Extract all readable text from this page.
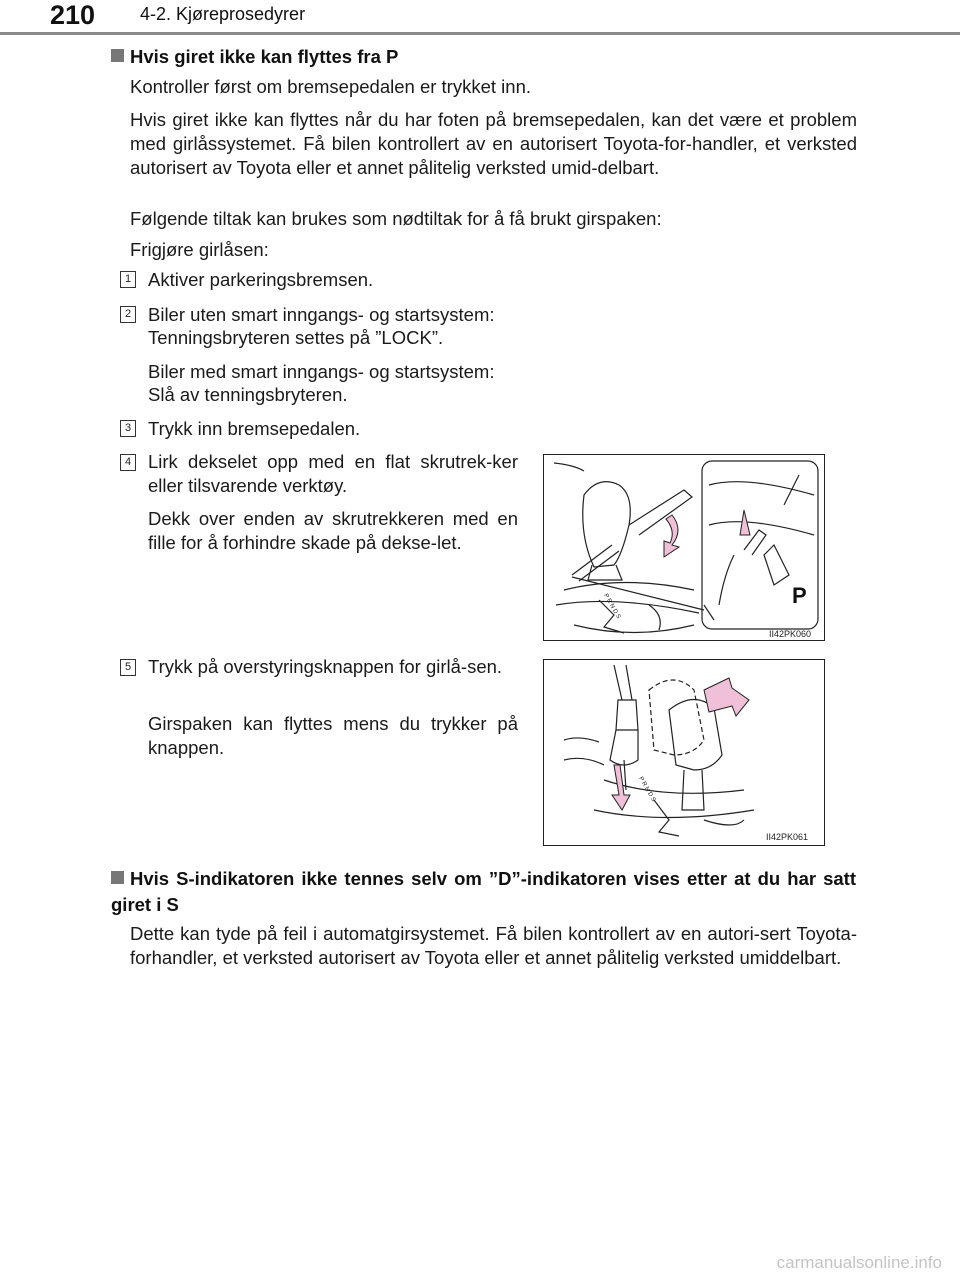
210 4-2. Kjøreprosedyrer
Hvis giret ikke kan flyttes fra P
Kontroller først om bremsepedalen er trykket inn.
Hvis giret ikke kan flyttes når du har foten på bremsepedalen, kan det være et problem med girlåssystemet. Få bilen kontrollert av en autorisert Toyota-for-handler, et verksted autorisert av Toyota eller et annet pålitelig verksted umid-delbart.
Følgende tiltak kan brukes som nødtiltak for å få brukt girspaken:
Frigjøre girlåsen:
1 Aktiver parkeringsbremsen.
2 Biler uten smart inngangs- og startsystem:
Tenningsbryteren settes på ”LOCK”.
Biler med smart inngangs- og startsystem:
Slå av tenningsbryteren.
3 Trykk inn bremsepedalen.
4 Lirk dekselet opp med en flat skrutrek-ker eller tilsvarende verktøy.
Dekk over enden av skrutrekkeren med en fille for å forhindre skade på dekse-let.
P
P R N D S
II42PK060
5 Trykk på overstyringsknappen for girlå-sen.
Girspaken kan flyttes mens du trykker på knappen.
P R N D S
II42PK061
Hvis S-indikatoren ikke tennes selv om ”D”-indikatoren vises etter at du har satt giret i S
Dette kan tyde på feil i automatgirsystemet. Få bilen kontrollert av en autori-sert Toyota-forhandler, et verksted autorisert av Toyota eller et annet pålitelig verksted umiddelbart.
carmanualsonline.info
